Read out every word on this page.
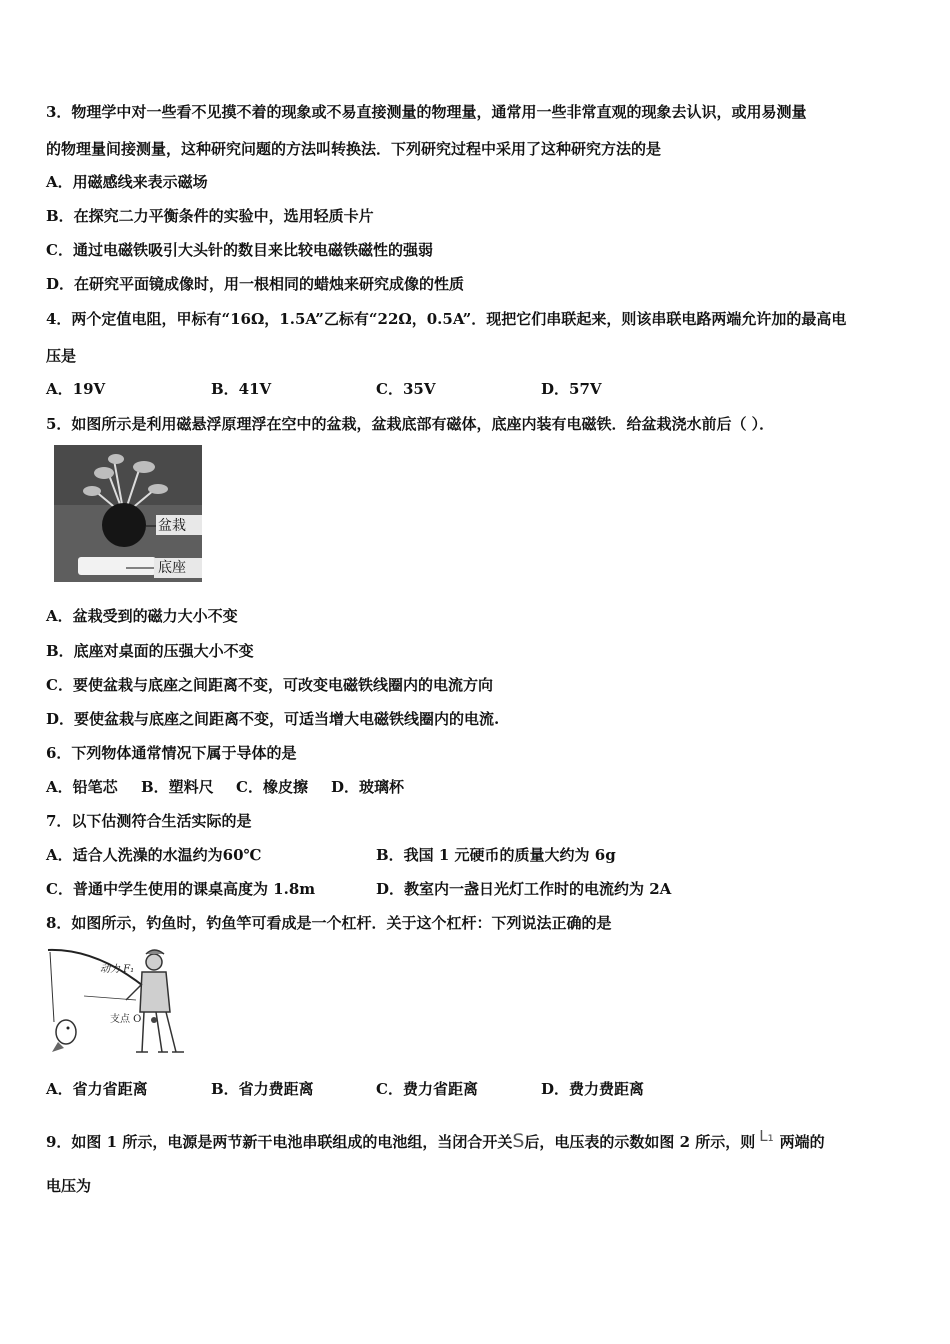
3．物理学中对一些看不见摸不着的现象或不易直接测量的物理量，通常用一些非常直观的现象去认识，或用易测量
的物理量间接测量，这种研究问题的方法叫转换法．下列研究过程中采用了这种研究方法的是
A．用磁感线来表示磁场
B．在探究二力平衡条件的实验中，选用轻质卡片
C．通过电磁铁吸引大头针的数目来比较电磁铁磁性的强弱
D．在研究平面镜成像时，用一根相同的蜡烛来研究成像的性质
4．两个定值电阻，甲标有“16Ω，1.5A”乙标有“22Ω，0.5A”．现把它们串联起来，则该串联电路两端允许加的最高电
压是
A．19V	B．41V	C．35V	D．57V
5．如图所示是利用磁悬浮原理浮在空中的盆栽，盆栽底部有磁体，底座内装有电磁铁．给盆栽浇水前后（ ）．
盆栽
底座
A．盆栽受到的磁力大小不变
B．底座对桌面的压强大小不变
C．要使盆栽与底座之间距离不变，可改变电磁铁线圈内的电流方向
D．要使盆栽与底座之间距离不变，可适当增大电磁铁线圈内的电流.
6．下列物体通常情况下属于导体的是
A．铅笔芯 B．塑料尺 C．橡皮擦 D．玻璃杯
7．以下估测符合生活实际的是
A．适合人洗澡的水温约为60℃	B．我国 1 元硬币的质量大约为 6g
C．普通中学生使用的课桌高度为 1.8m	D．教室内一盏日光灯工作时的电流约为 2A
8．如图所示，钓鱼时，钓鱼竿可看成是一个杠杆．关于这个杠杆：下列说法正确的是
动力 F₁
支点 O
A．省力省距离	B．省力费距离	C．费力省距离	D．费力费距离
9．如图 1 所示，电源是两节新干电池串联组成的电池组，当闭合开关S后，电压表的示数如图 2 所示，则 L₁ 两端的
电压为
